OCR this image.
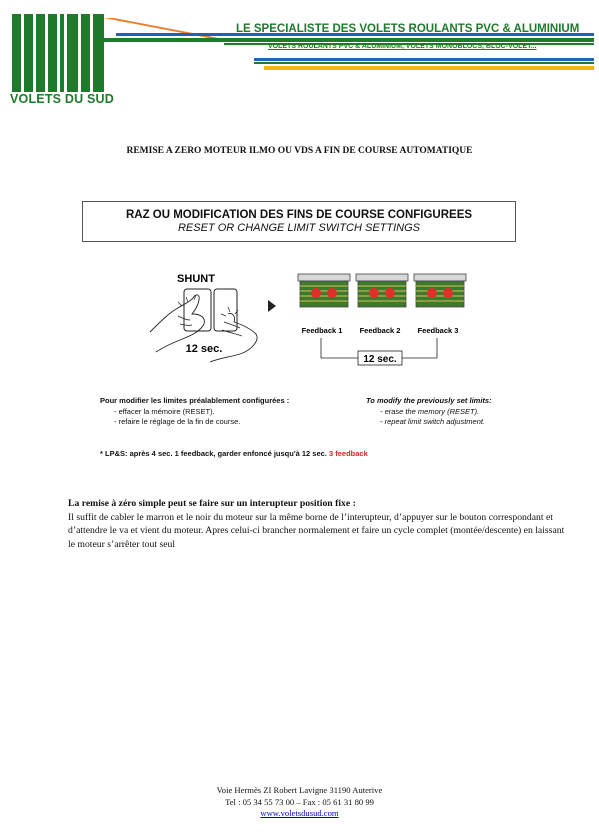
VOLETS DU SUD
LE SPECIALISTE DES VOLETS ROULANTS PVC & ALUMINIUM
VOLETS ROULANTS PVC & ALUMINIUM, VOLETS MONOBLOCS, BLOC-VOLET...
REMISE A ZERO MOTEUR ILMO OU VDS A FIN DE COURSE AUTOMATIQUE
RAZ OU MODIFICATION DES FINS DE COURSE CONFIGUREES
RESET OR CHANGE LIMIT SWITCH SETTINGS
SHUNT
12 sec.
Feedback 1 Feedback 2 Feedback 3
12 sec.
Pour modifier les limites préalablement configurées :
- effacer la mémoire (RESET).
- refaire le réglage de la fin de course.
To modify the previously set limits:
- erase the memory (RESET).
- repeat limit switch adjustment.
* LP&S: après 4 sec. 1 feedback, garder enfoncé jusqu'à 12 sec. 3 feedback
La remise à zéro simple peut se faire sur un interupteur position fixe :
Il suffit de cabler le marron et le noir du moteur sur la même borne de l’interupteur, d’appuyer sur le bouton correspondant et d’attendre le va et vient du moteur. Apres celui-ci brancher normalement et faire un cycle complet (montée/descente) en laissant le moteur s’arrêter tout seul
Voie Hermès ZI Robert Lavigne 31190 Auterive
Tel : 05 34 55 73 00 – Fax : 05 61 31 80 99
www.voletsdusud.com
